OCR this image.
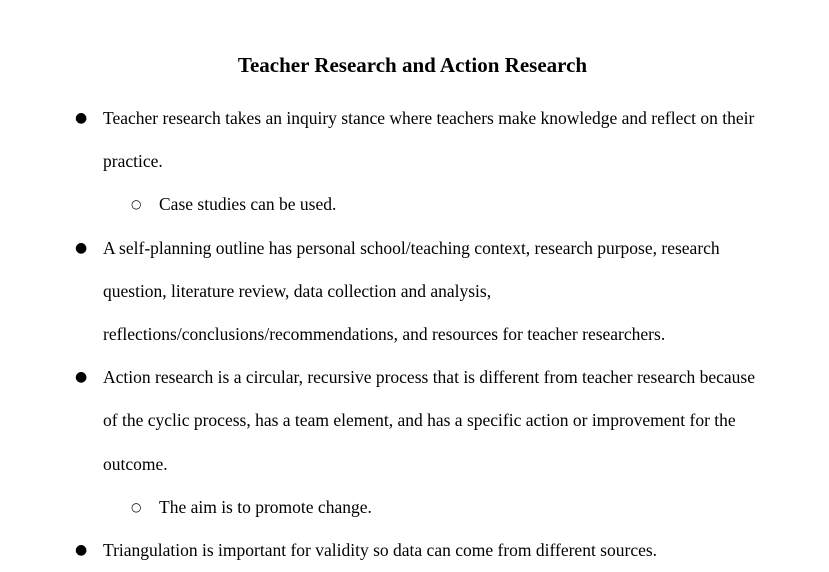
Teacher Research and Action Research
● Teacher research takes an inquiry stance where teachers make knowledge and reflect on their practice.
○ Case studies can be used.
● A self-planning outline has personal school/teaching context, research purpose, research question, literature review, data collection and analysis, reflections/conclusions/recommendations, and resources for teacher researchers.
● Action research is a circular, recursive process that is different from teacher research because of the cyclic process, has a team element, and has a specific action or improvement for the outcome.
○ The aim is to promote change.
● Triangulation is important for validity so data can come from different sources.
